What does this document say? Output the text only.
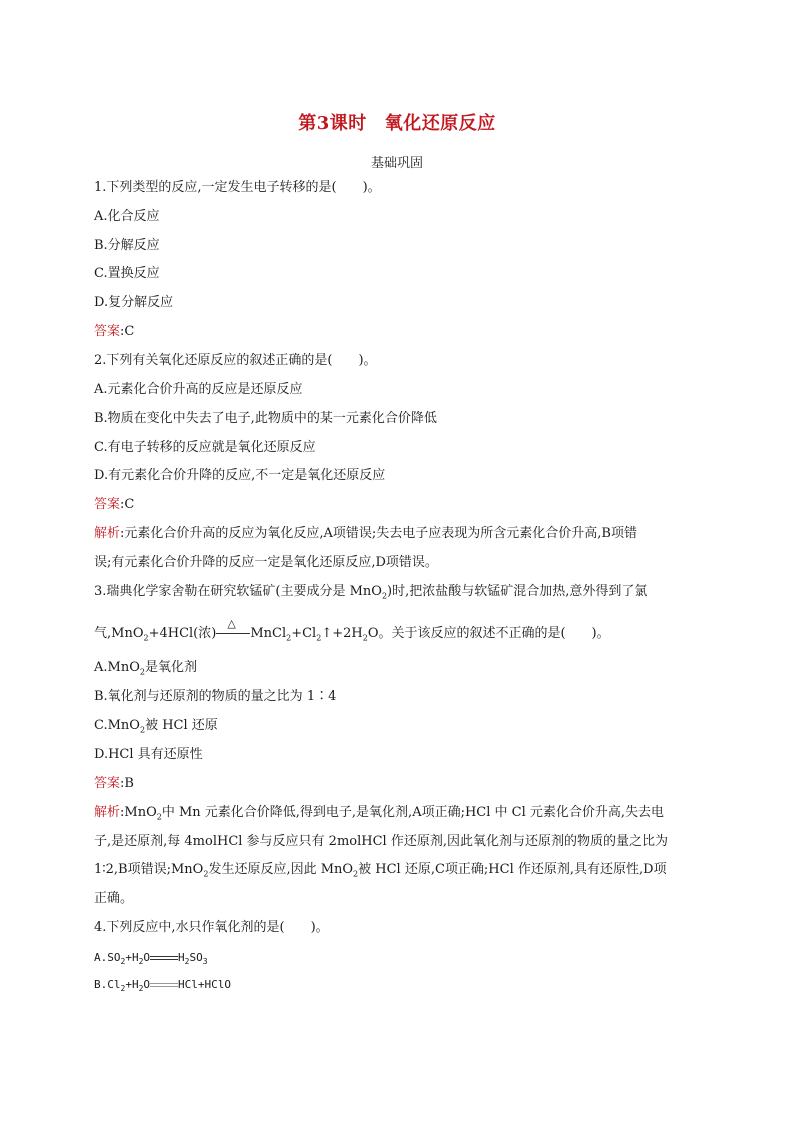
第3课时 氧化还原反应
基础巩固
1.下列类型的反应,一定发生电子转移的是(　　)。
A.化合反应
B.分解反应
C.置换反应
D.复分解反应
答案:C
2.下列有关氧化还原反应的叙述正确的是(　　)。
A.元素化合价升高的反应是还原反应
B.物质在变化中失去了电子,此物质中的某一元素化合价降低
C.有电子转移的反应就是氧化还原反应
D.有元素化合价升降的反应,不一定是氧化还原反应
答案:C
解析:元素化合价升高的反应为氧化反应,A项错误;失去电子应表现为所含元素化合价升高,B项错
误;有元素化合价升降的反应一定是氧化还原反应,D项错误。
3.瑞典化学家舍勒在研究软锰矿(主要成分是 MnO$_2$)时,把浓盐酸与软锰矿混合加热,意外得到了氯
气,MnO$_2$+4HCl(浓)
△
$MnCl_2+Cl_2↑+2H_2O$。关于该反应的叙述不正确的是(　　)。
A.MnO$_2$是氧化剂
B.氧化剂与还原剂的物质的量之比为 1∶4
C.MnO$_2$被 HCl 还原
D.HCl 具有还原性
答案:B
解析:MnO$_2$中 Mn 元素化合价降低,得到电子,是氧化剂,A项正确;HCl 中 Cl 元素化合价升高,失去电
子,是还原剂,每 4molHCl 参与反应只有 2molHCl 作还原剂,因此氧化剂与还原剂的物质的量之比为
1∶2,B项错误;MnO$_2$发生还原反应,因此 MnO$_2$被 HCl 还原,C项正确;HCl 作还原剂,具有还原性,D项
正确。
4.下列反应中,水只作氧化剂的是(　　)。
$A.SO_2+H_2O$	$H_2SO_3$
$B.Cl_2+H_2O$	HCl+HClO
